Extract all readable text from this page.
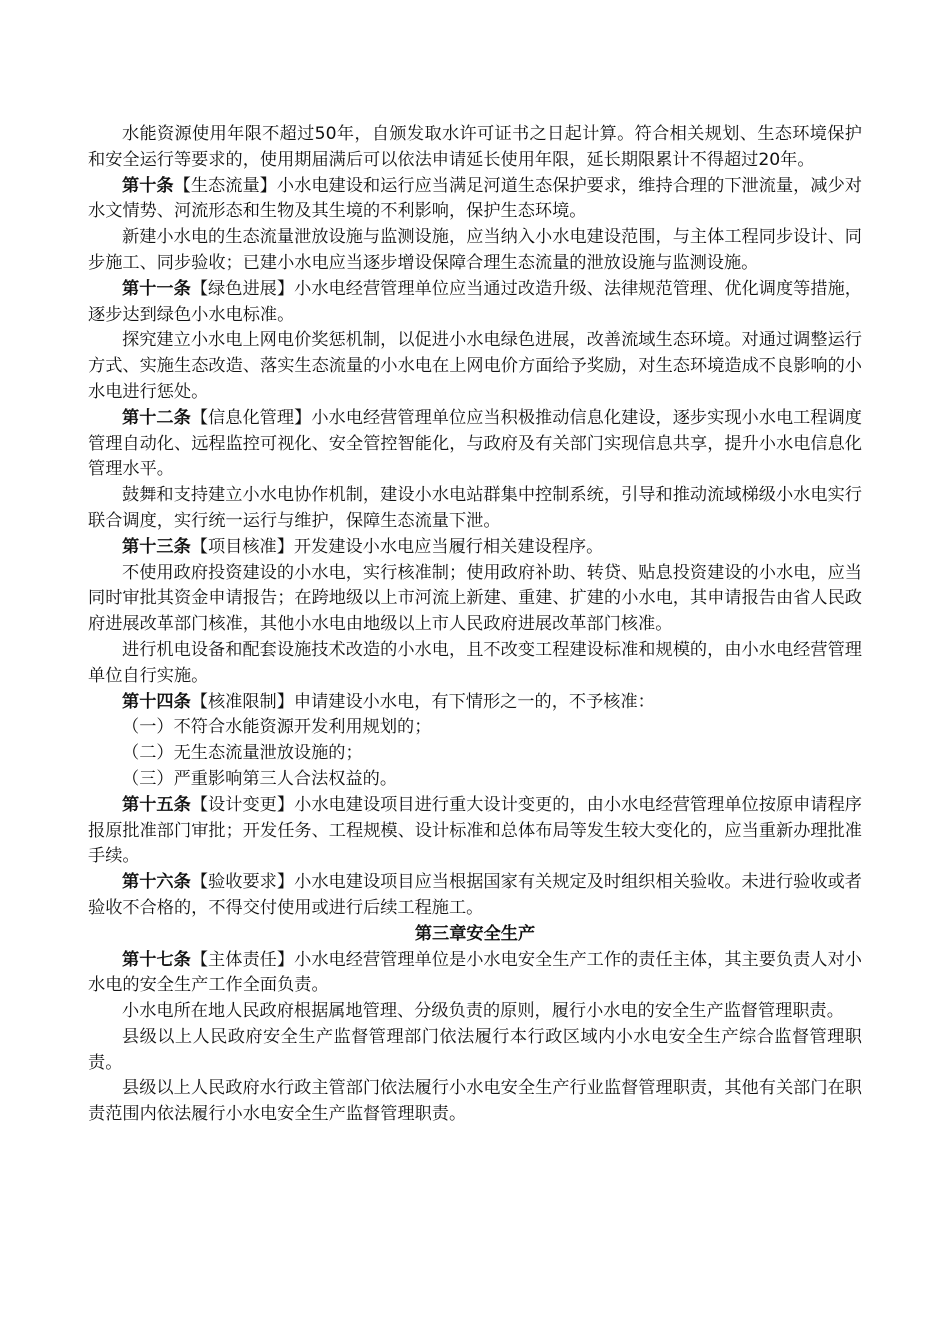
水能资源使用年限不超过50年，自颁发取水许可证书之日起计算。符合相关规划、生态环境保护和安全运行等要求的，使用期届满后可以依法申请延长使用年限，延长期限累计不得超过20年。

第十条【生态流量】小水电建设和运行应当满足河道生态保护要求，维持合理的下泄流量，减少对水文情势、河流形态和生物及其生境的不利影响，保护生态环境。

新建小水电的生态流量泄放设施与监测设施，应当纳入小水电建设范围，与主体工程同步设计、同步施工、同步验收；已建小水电应当逐步增设保障合理生态流量的泄放设施与监测设施。

第十一条【绿色进展】小水电经营管理单位应当通过改造升级、法律规范管理、优化调度等措施，逐步达到绿色小水电标准。

探究建立小水电上网电价奖惩机制，以促进小水电绿色进展，改善流域生态环境。对通过调整运行方式、实施生态改造、落实生态流量的小水电在上网电价方面给予奖励，对生态环境造成不良影响的小水电进行惩处。

第十二条【信息化管理】小水电经营管理单位应当积极推动信息化建设，逐步实现小水电工程调度管理自动化、远程监控可视化、安全管控智能化，与政府及有关部门实现信息共享，提升小水电信息化管理水平。

鼓舞和支持建立小水电协作机制，建设小水电站群集中控制系统，引导和推动流域梯级小水电实行联合调度，实行统一运行与维护，保障生态流量下泄。

第十三条【项目核准】开发建设小水电应当履行相关建设程序。

不使用政府投资建设的小水电，实行核准制；使用政府补助、转贷、贴息投资建设的小水电，应当同时审批其资金申请报告；在跨地级以上市河流上新建、重建、扩建的小水电，其申请报告由省人民政府进展改革部门核准，其他小水电由地级以上市人民政府进展改革部门核准。

进行机电设备和配套设施技术改造的小水电，且不改变工程建设标准和规模的，由小水电经营管理单位自行实施。

第十四条【核准限制】申请建设小水电，有下情形之一的，不予核准：

（一）不符合水能资源开发利用规划的；

（二）无生态流量泄放设施的；

（三）严重影响第三人合法权益的。

第十五条【设计变更】小水电建设项目进行重大设计变更的，由小水电经营管理单位按原申请程序报原批准部门审批；开发任务、工程规模、设计标准和总体布局等发生较大变化的，应当重新办理批准手续。

第十六条【验收要求】小水电建设项目应当根据国家有关规定及时组织相关验收。未进行验收或者验收不合格的，不得交付使用或进行后续工程施工。

第三章安全生产

第十七条【主体责任】小水电经营管理单位是小水电安全生产工作的责任主体，其主要负责人对小水电的安全生产工作全面负责。

小水电所在地人民政府根据属地管理、分级负责的原则，履行小水电的安全生产监督管理职责。

县级以上人民政府安全生产监督管理部门依法履行本行政区域内小水电安全生产综合监督管理职责。

县级以上人民政府水行政主管部门依法履行小水电安全生产行业监督管理职责，其他有关部门在职责范围内依法履行小水电安全生产监督管理职责。
